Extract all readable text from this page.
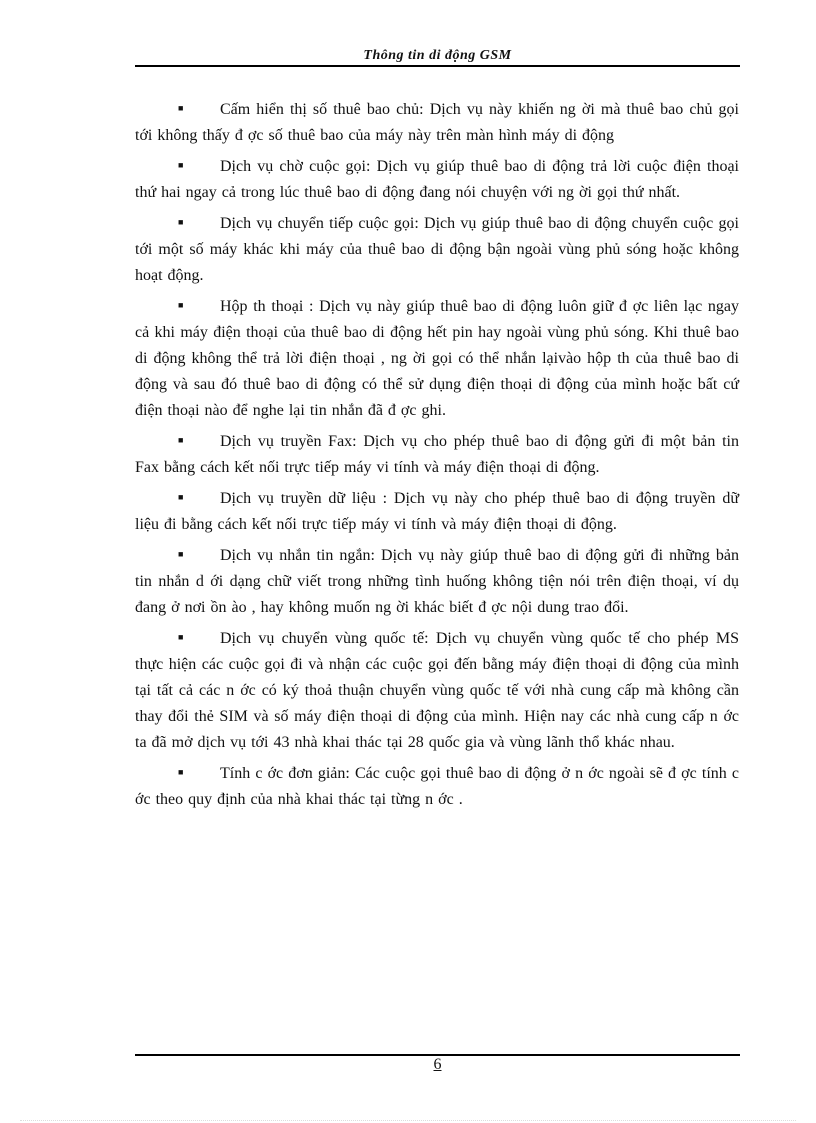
Thông tin di động GSM

■ Cấm hiển thị số thuê bao chủ: Dịch vụ này khiến ng ời mà thuê bao chủ gọi tới không thấy đ ợc số thuê bao của máy này trên màn hình máy di động

■ Dịch vụ chờ cuộc gọi: Dịch vụ giúp thuê bao di động trả lời cuộc điện thoại thứ hai ngay cả trong lúc thuê bao di động đang nói chuyện với ng ời gọi thứ nhất.

■ Dịch vụ chuyển tiếp cuộc gọi: Dịch vụ giúp thuê bao di động chuyển cuộc gọi tới một số máy khác khi máy của thuê bao di động bận ngoài vùng phủ sóng hoặc không hoạt động.

■ Hộp th thoại : Dịch vụ này giúp thuê bao di động luôn giữ đ ợc liên lạc ngay cả khi máy điện thoại của thuê bao di động hết pin hay ngoài vùng phủ sóng. Khi thuê bao di động không thể trả lời điện thoại , ng ời gọi có thể nhắn lạivào hộp th của thuê bao di động và sau đó thuê bao di động có thể sử dụng điện thoại di động của mình hoặc bất cứ điện thoại nào để nghe lại tin nhắn đã đ ợc ghi.

■ Dịch vụ truyền Fax: Dịch vụ cho phép thuê bao di động gửi đi một bản tin Fax bằng cách kết nối trực tiếp máy vi tính và máy điện thoại di động.

■ Dịch vụ truyền dữ liệu : Dịch vụ này cho phép thuê bao di động truyền dữ liệu đi bằng cách kết nối trực tiếp máy vi tính và máy điện thoại di động.

■ Dịch vụ nhắn tin ngắn: Dịch vụ này giúp thuê bao di động gửi đi những bản tin nhắn d ới dạng chữ viết trong những tình huống không tiện nói trên điện thoại, ví dụ đang ở nơi ồn ào , hay không muốn ng ời khác biết đ ợc nội dung trao đổi.

■ Dịch vụ chuyển vùng quốc tế: Dịch vụ chuyển vùng quốc tế cho phép MS thực hiện các cuộc gọi đi và nhận các cuộc gọi đến bằng máy điện thoại di động của mình tại tất cả các n ớc có ký thoả thuận chuyển vùng quốc tế với nhà cung cấp mà không cần thay đổi thẻ SIM và số máy điện thoại di động của mình. Hiện nay các nhà cung cấp n ớc ta đã mở dịch vụ tới 43 nhà khai thác tại 28 quốc gia và vùng lãnh thổ khác nhau.

■ Tính c ớc đơn giản: Các cuộc gọi thuê bao di động ở n ớc ngoài sẽ đ ợc tính c ớc theo quy định của nhà khai thác tại từng n ớc .

6
